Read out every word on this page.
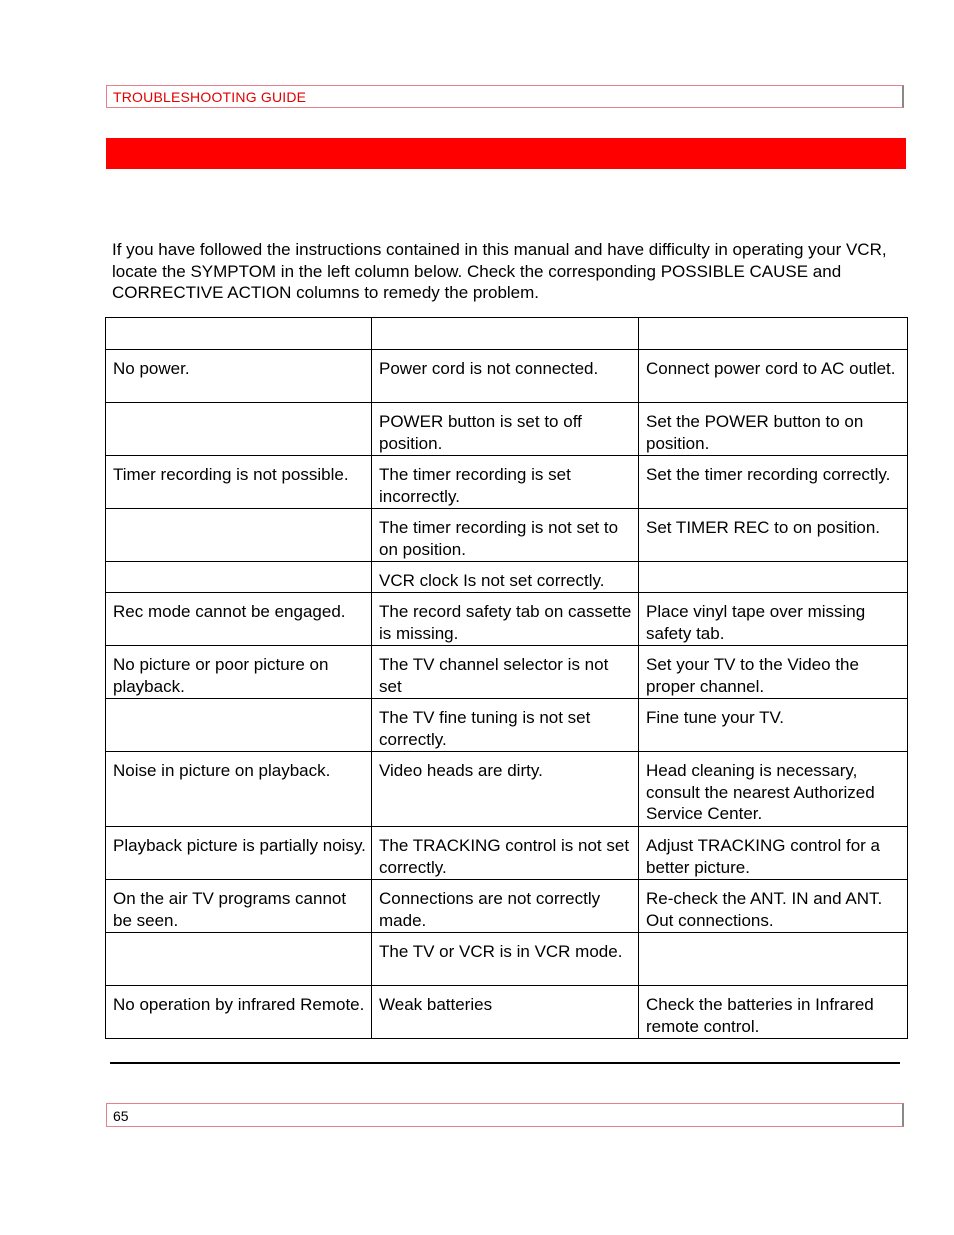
TROUBLESHOOTING GUIDE
If you have followed the instructions contained in this manual and have difficulty in operating your VCR, locate the SYMPTOM in the left column below. Check the corresponding POSSIBLE CAUSE and CORRECTIVE ACTION columns to remedy the problem.

No power.	Power cord is not connected.	Connect power cord to AC outlet.
	POWER button is set to off position.	Set the POWER button to on position.
Timer recording is not possible.	The timer recording is set incorrectly.	Set the timer recording correctly.
	The timer recording is not set to on position.	Set TIMER REC to on position.
	VCR clock Is not set correctly.	
Rec mode cannot be engaged.	The record safety tab on cassette is missing.	Place vinyl tape over missing safety tab.
No picture or poor picture on playback.	The TV channel selector is not set	Set your TV to the Video the proper channel.
	The TV fine tuning is not set correctly.	Fine tune your TV.
Noise in picture on playback.	Video heads are dirty.	Head cleaning is necessary, consult the nearest Authorized Service Center.
Playback picture is partially noisy.	The TRACKING control is not set correctly.	Adjust TRACKING control for a better picture.
On the air TV programs cannot be seen.	Connections are not correctly made.	Re-check the ANT. IN and ANT. Out connections.
	The TV or VCR is in VCR mode.	
No operation by infrared Remote.	Weak batteries	Check the batteries in Infrared remote control.
65
